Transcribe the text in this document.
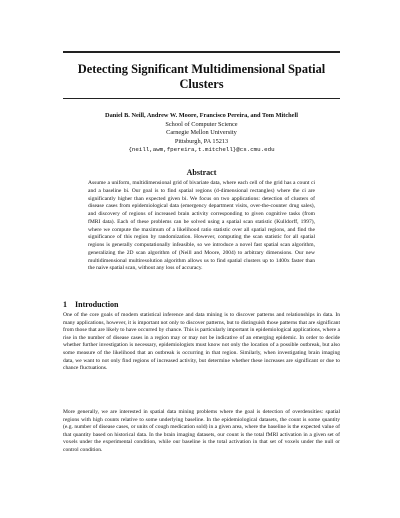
Detecting Significant Multidimensional Spatial Clusters
Daniel B. Neill, Andrew W. Moore, Francisco Pereira, and Tom Mitchell
School of Computer Science
Carnegie Mellon University
Pittsburgh, PA 15213
{neill,awm,fpereira,t.mitchell}@cs.cmu.edu
Abstract
Assume a uniform, multidimensional grid of bivariate data, where each cell of the grid has a count ci and a baseline bi. Our goal is to find spatial regions (d-dimensional rectangles) where the ci are significantly higher than expected given bi. We focus on two applications: detection of clusters of disease cases from epidemiological data (emergency department visits, over-the-counter drug sales), and discovery of regions of increased brain activity corresponding to given cognitive tasks (from fMRI data). Each of these problems can be solved using a spatial scan statistic (Kulldorff, 1997), where we compute the maximum of a likelihood ratio statistic over all spatial regions, and find the significance of this region by randomization. However, computing the scan statistic for all spatial regions is generally computationally infeasible, so we introduce a novel fast spatial scan algorithm, generalizing the 2D scan algorithm of (Neill and Moore, 2004) to arbitrary dimensions. Our new multidimensional multiresolution algorithm allows us to find spatial clusters up to 1400x faster than the naive spatial scan, without any loss of accuracy.
1 Introduction
One of the core goals of modern statistical inference and data mining is to discover patterns and relationships in data. In many applications, however, it is important not only to discover patterns, but to distinguish those patterns that are significant from those that are likely to have occurred by chance. This is particularly important in epidemiological applications, where a rise in the number of disease cases in a region may or may not be indicative of an emerging epidemic. In order to decide whether further investigation is necessary, epidemiologists must know not only the location of a possible outbreak, but also some measure of the likelihood that an outbreak is occurring in that region. Similarly, when investigating brain imaging data, we want to not only find regions of increased activity, but determine whether these increases are significant or due to chance fluctuations.
More generally, we are interested in spatial data mining problems where the goal is detection of overdensities: spatial regions with high counts relative to some underlying baseline. In the epidemiological datasets, the count is some quantity (e.g. number of disease cases, or units of cough medication sold) in a given area, where the baseline is the expected value of that quantity based on historical data. In the brain imaging datasets, our count is the total fMRI activation in a given set of voxels under the experimental condition, while our baseline is the total activation in that set of voxels under the null or control condition.
